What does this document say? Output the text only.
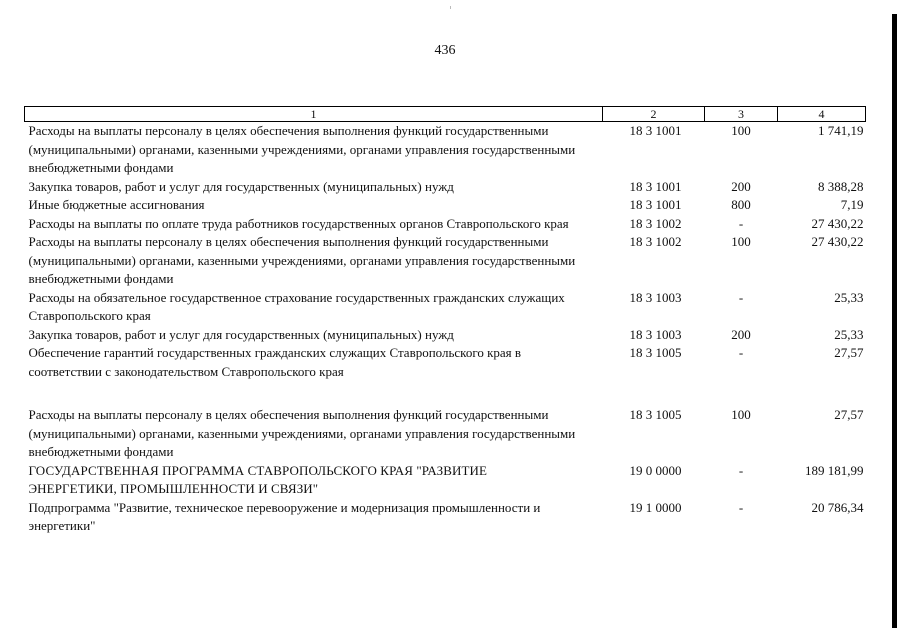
436
1	2	3	4
Расходы на выплаты персоналу в целях обеспечения выполнения функций государственными (муниципальными) органами, казенными учреждениями, органами управления государственными внебюджетными фондами	18 3 1001	100	1 741,19
Закупка товаров, работ и услуг для государственных (муниципальных) нужд	18 3 1001	200	8 388,28
Иные бюджетные ассигнования	18 3 1001	800	7,19
Расходы на выплаты по оплате труда работников государственных органов Ставропольского края	18 3 1002	-	27 430,22
Расходы на выплаты персоналу в целях обеспечения выполнения функций государственными (муниципальными) органами, казенными учреждениями, органами управления государственными внебюджетными фондами	18 3 1002	100	27 430,22
Расходы на обязательное государственное страхование государственных гражданских служащих Ставропольского края	18 3 1003	-	25,33
Закупка товаров, работ и услуг для государственных (муниципальных) нужд	18 3 1003	200	25,33
Обеспечение гарантий государственных гражданских служащих Ставропольского края в соответствии с законодательством Ставропольского края	18 3 1005	-	27,57

Расходы на выплаты персоналу в целях обеспечения выполнения функций государственными (муниципальными) органами, казенными учреждениями, органами управления государственными внебюджетными фондами	18 3 1005	100	27,57
ГОСУДАРСТВЕННАЯ ПРОГРАММА СТАВРОПОЛЬСКОГО КРАЯ "РАЗВИТИЕ ЭНЕРГЕТИКИ, ПРОМЫШЛЕННОСТИ И СВЯЗИ"	19 0 0000	-	189 181,99
Подпрограмма "Развитие, техническое перевооружение и модернизация промышленности и энергетики"	19 1 0000	-	20 786,34
